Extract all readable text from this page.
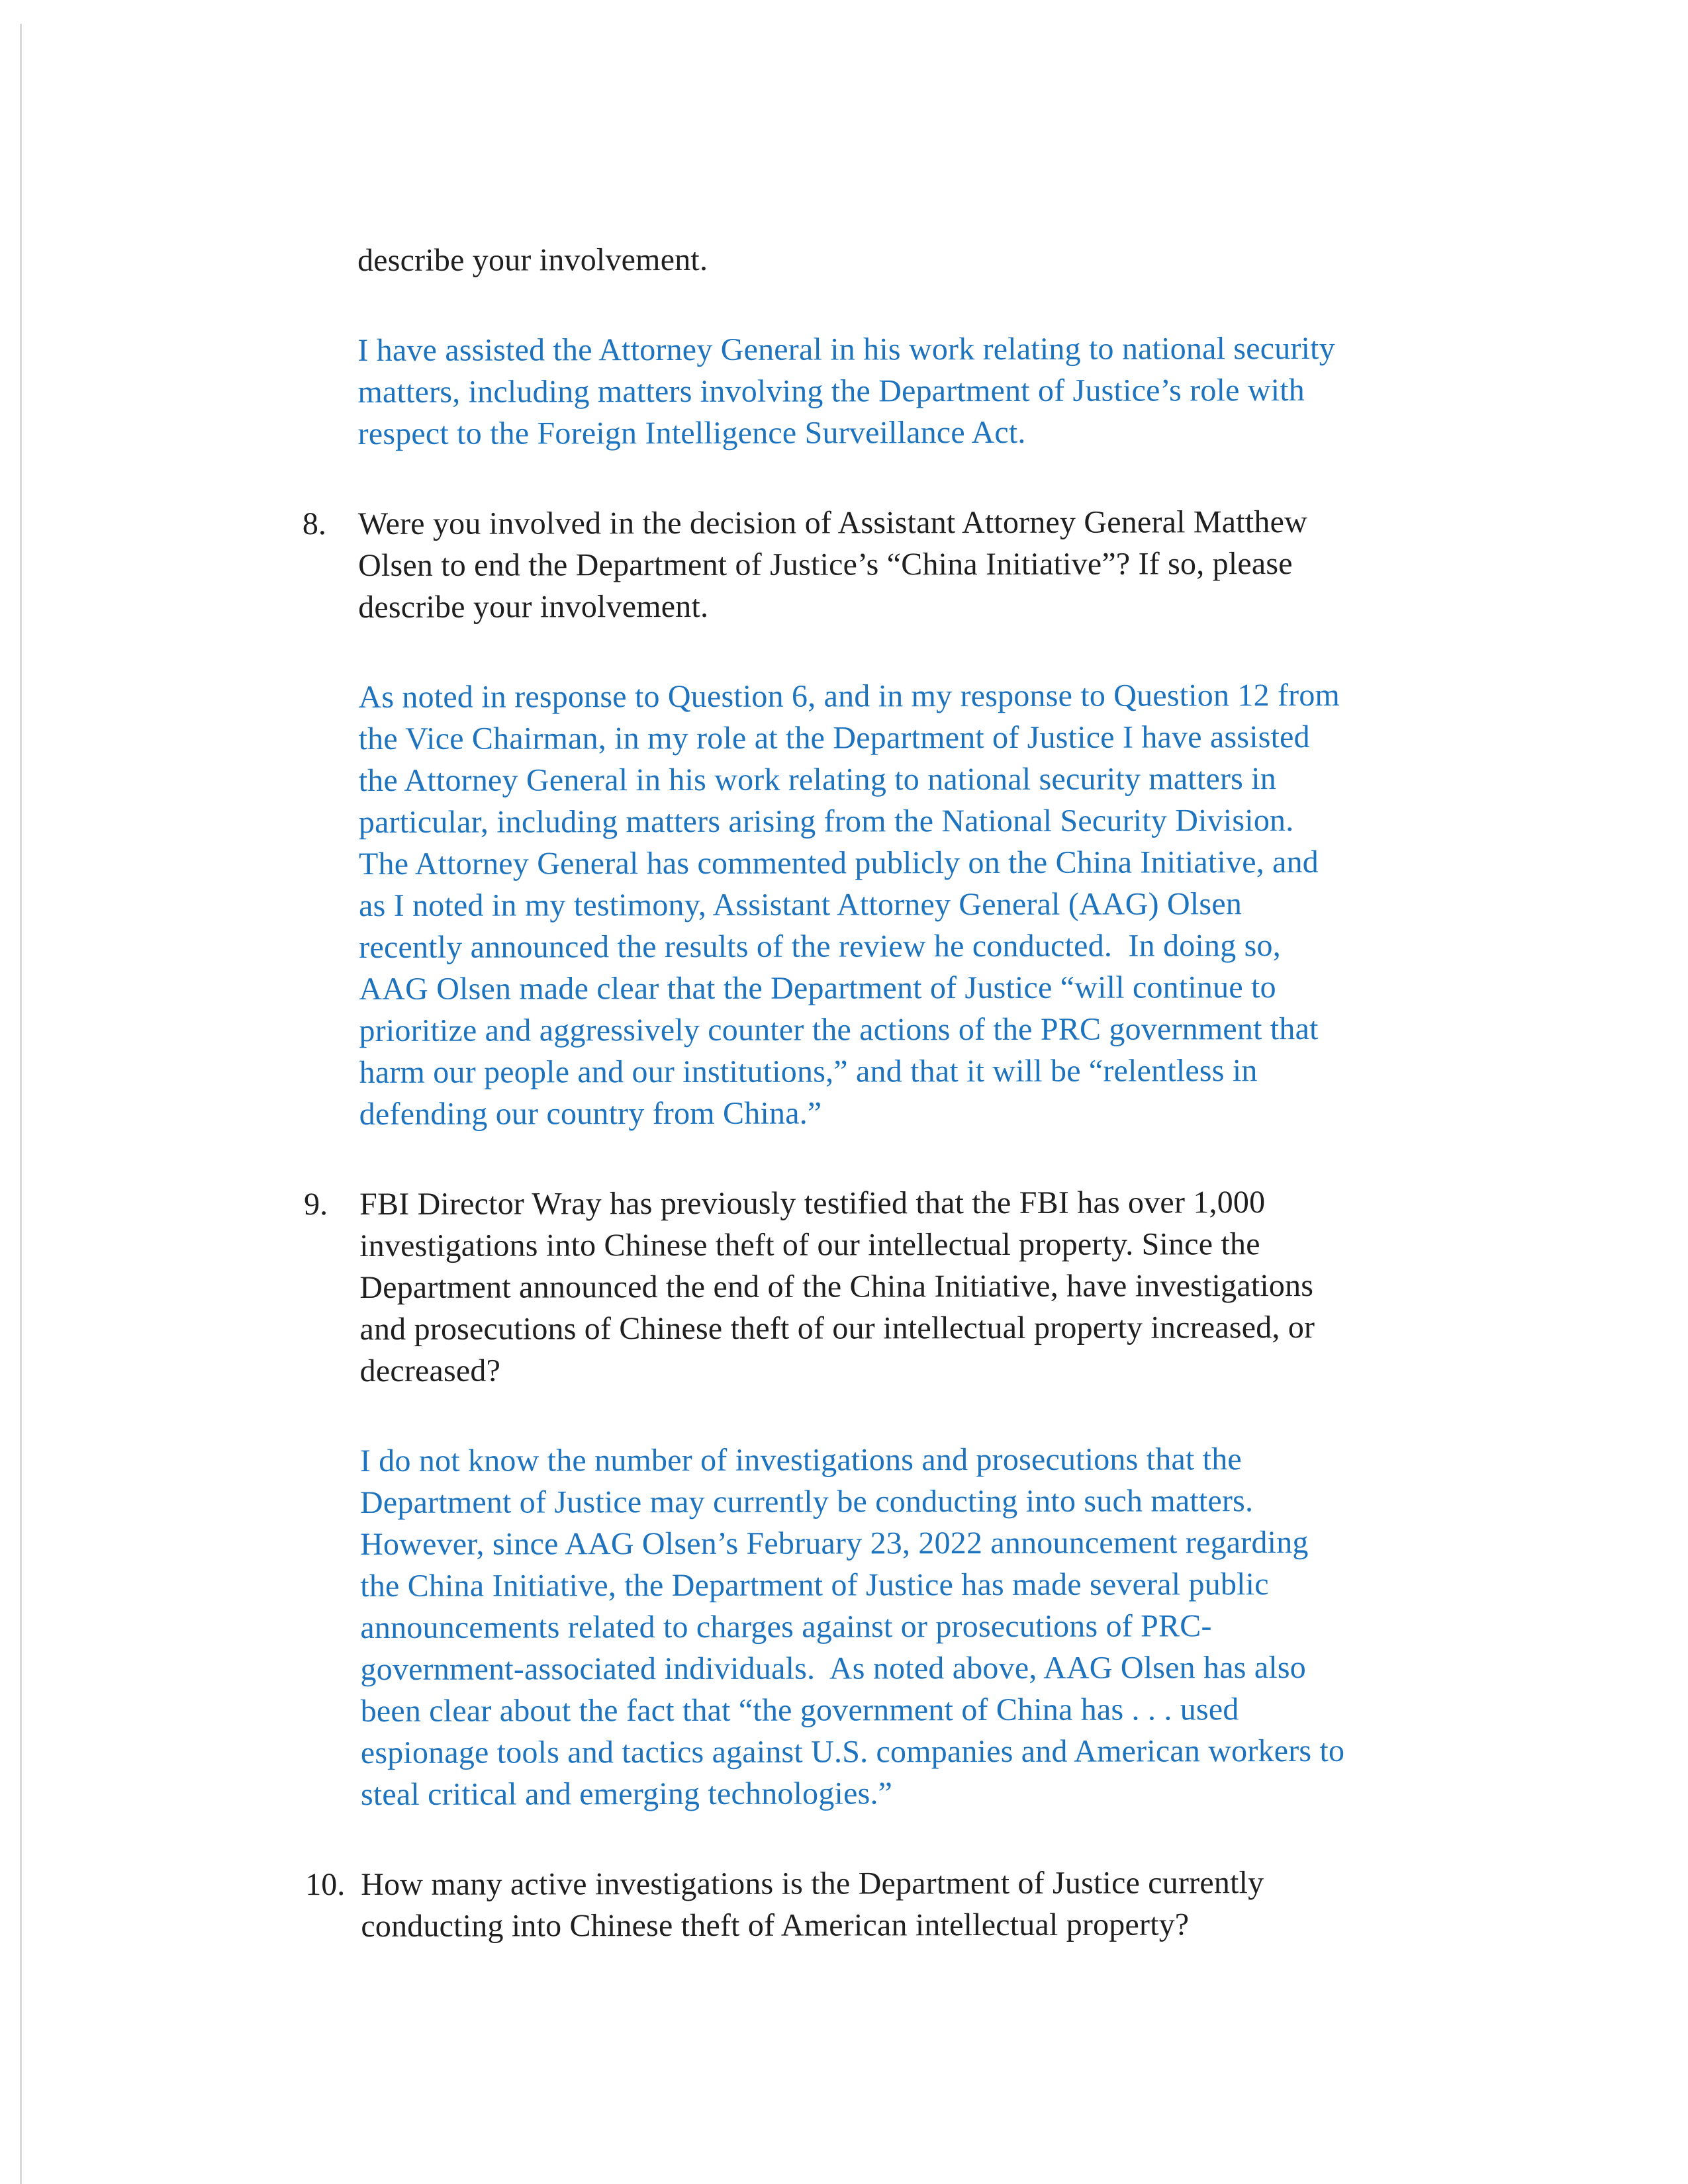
describe your involvement.
I have assisted the Attorney General in his work relating to national security
matters, including matters involving the Department of Justice’s role with
respect to the Foreign Intelligence Surveillance Act.
8. Were you involved in the decision of Assistant Attorney General Matthew
Olsen to end the Department of Justice’s “China Initiative”? If so, please
describe your involvement.
As noted in response to Question 6, and in my response to Question 12 from
the Vice Chairman, in my role at the Department of Justice I have assisted
the Attorney General in his work relating to national security matters in
particular, including matters arising from the National Security Division.
The Attorney General has commented publicly on the China Initiative, and
as I noted in my testimony, Assistant Attorney General (AAG) Olsen
recently announced the results of the review he conducted.  In doing so,
AAG Olsen made clear that the Department of Justice “will continue to
prioritize and aggressively counter the actions of the PRC government that
harm our people and our institutions,” and that it will be “relentless in
defending our country from China.”
9. FBI Director Wray has previously testified that the FBI has over 1,000
investigations into Chinese theft of our intellectual property. Since the
Department announced the end of the China Initiative, have investigations
and prosecutions of Chinese theft of our intellectual property increased, or
decreased?
I do not know the number of investigations and prosecutions that the
Department of Justice may currently be conducting into such matters.
However, since AAG Olsen’s February 23, 2022 announcement regarding
the China Initiative, the Department of Justice has made several public
announcements related to charges against or prosecutions of PRC-
government-associated individuals.  As noted above, AAG Olsen has also
been clear about the fact that “the government of China has . . . used
espionage tools and tactics against U.S. companies and American workers to
steal critical and emerging technologies.”
10. How many active investigations is the Department of Justice currently
conducting into Chinese theft of American intellectual property?
